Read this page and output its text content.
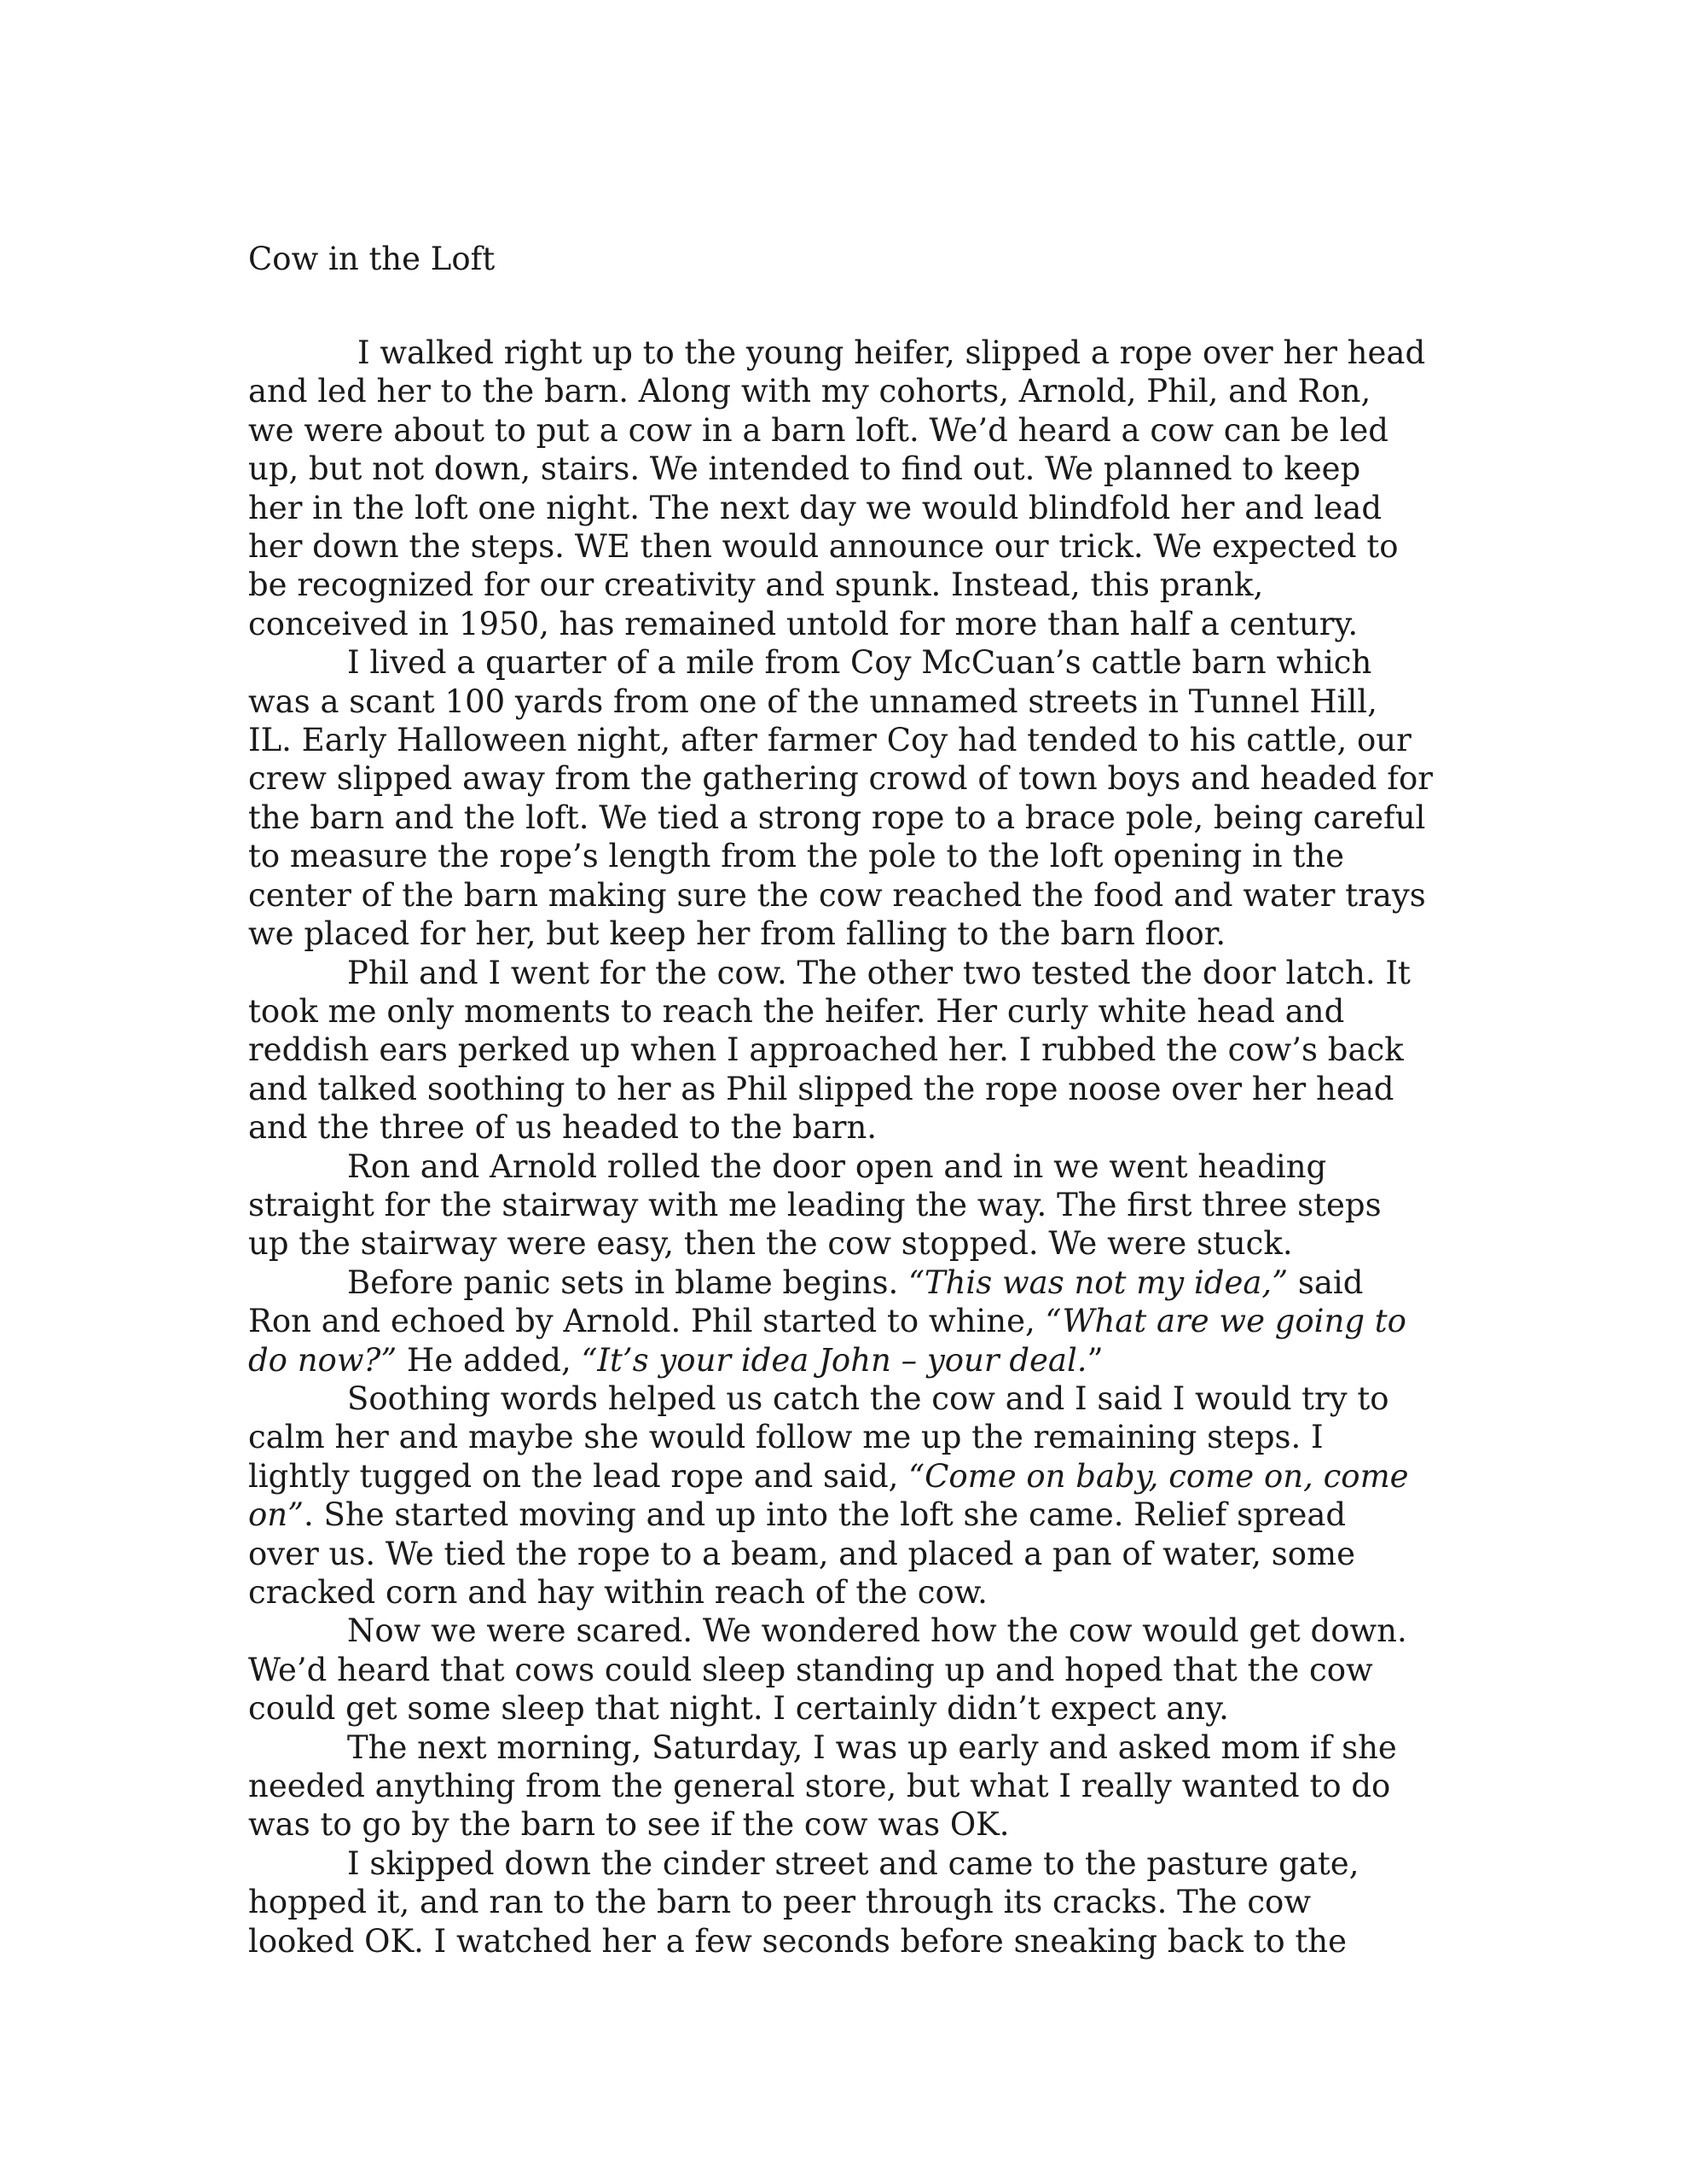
Cow in the Loft

I walked right up to the young heifer, slipped a rope over her head
and led her to the barn. Along with my cohorts, Arnold, Phil, and Ron,
we were about to put a cow in a barn loft. We’d heard a cow can be led
up, but not down, stairs. We intended to find out. We planned to keep
her in the loft one night. The next day we would blindfold her and lead
her down the steps. WE then would announce our trick. We expected to
be recognized for our creativity and spunk. Instead, this prank,
conceived in 1950, has remained untold for more than half a century.

I lived a quarter of a mile from Coy McCuan’s cattle barn which
was a scant 100 yards from one of the unnamed streets in Tunnel Hill,
IL. Early Halloween night, after farmer Coy had tended to his cattle, our
crew slipped away from the gathering crowd of town boys and headed for
the barn and the loft. We tied a strong rope to a brace pole, being careful
to measure the rope’s length from the pole to the loft opening in the
center of the barn making sure the cow reached the food and water trays
we placed for her, but keep her from falling to the barn floor.

Phil and I went for the cow. The other two tested the door latch. It
took me only moments to reach the heifer. Her curly white head and
reddish ears perked up when I approached her. I rubbed the cow’s back
and talked soothing to her as Phil slipped the rope noose over her head
and the three of us headed to the barn.

Ron and Arnold rolled the door open and in we went heading
straight for the stairway with me leading the way. The first three steps
up the stairway were easy, then the cow stopped. We were stuck.

Before panic sets in blame begins. “This was not my idea,” said
Ron and echoed by Arnold. Phil started to whine, “What are we going to
do now?” He added, “It’s your idea John – your deal.”

Soothing words helped us catch the cow and I said I would try to
calm her and maybe she would follow me up the remaining steps. I
lightly tugged on the lead rope and said, “Come on baby, come on, come
on”. She started moving and up into the loft she came. Relief spread
over us. We tied the rope to a beam, and placed a pan of water, some
cracked corn and hay within reach of the cow.

Now we were scared. We wondered how the cow would get down.
We’d heard that cows could sleep standing up and hoped that the cow
could get some sleep that night. I certainly didn’t expect any.

The next morning, Saturday, I was up early and asked mom if she
needed anything from the general store, but what I really wanted to do
was to go by the barn to see if the cow was OK.

I skipped down the cinder street and came to the pasture gate,
hopped it, and ran to the barn to peer through its cracks. The cow
looked OK. I watched her a few seconds before sneaking back to the
